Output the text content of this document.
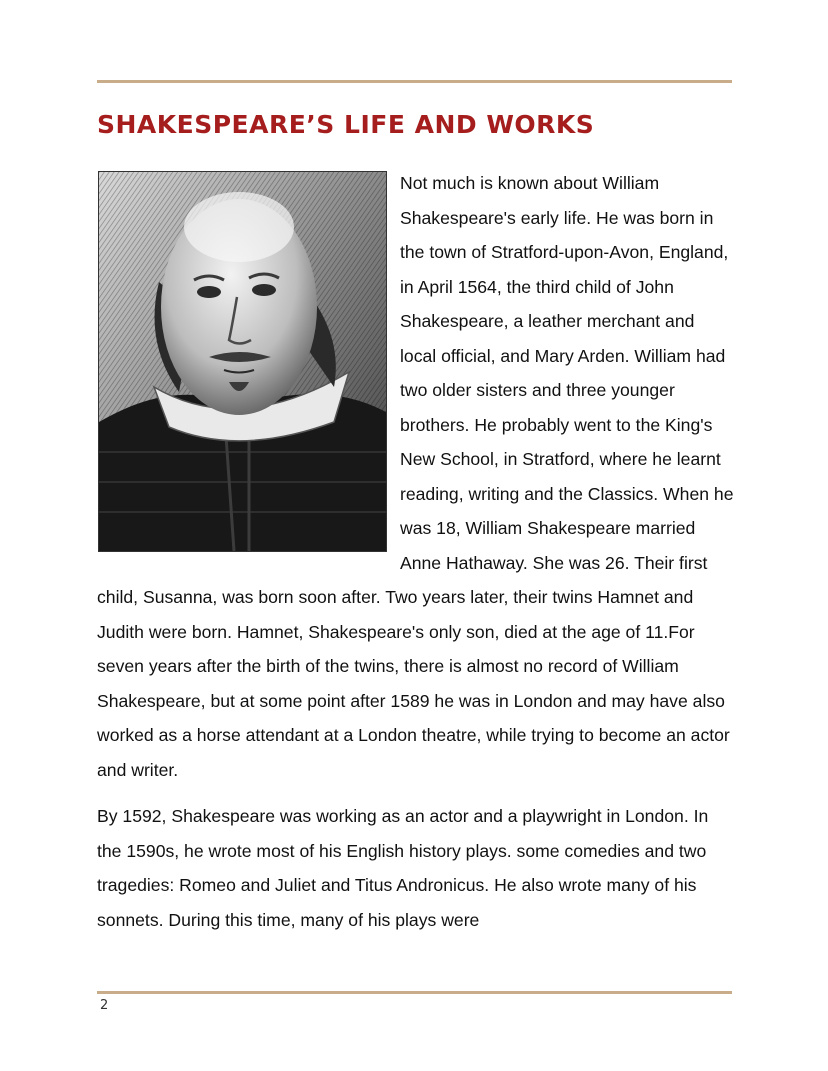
SHAKESPEARE’S LIFE AND WORKS

Not much is known about William Shakespeare's early life. He was born in the town of Stratford-upon-Avon, England, in April 1564, the third child of John Shakespeare, a leather merchant and local official, and Mary Arden. William had two older sisters and three younger brothers. He probably went to the King's New School, in Stratford, where he learnt reading, writing and the Classics. When he was 18, William Shakespeare married Anne Hathaway. She was 26. Their first child, Susanna, was born soon after. Two years later, their twins Hamnet and Judith were born. Hamnet, Shakespeare's only son, died at the age of 11.For seven years after the birth of the twins, there is almost no record of William Shakespeare, but at some point after 1589 he was in London and may have also worked as a horse attendant at a London theatre, while trying to become an actor and writer.

By 1592, Shakespeare was working as an actor and a playwright in London. In the 1590s, he wrote most of his English history plays. some comedies and two tragedies: Romeo and Juliet and Titus Andronicus. He also wrote many of his sonnets. During this time, many of his plays were

2
